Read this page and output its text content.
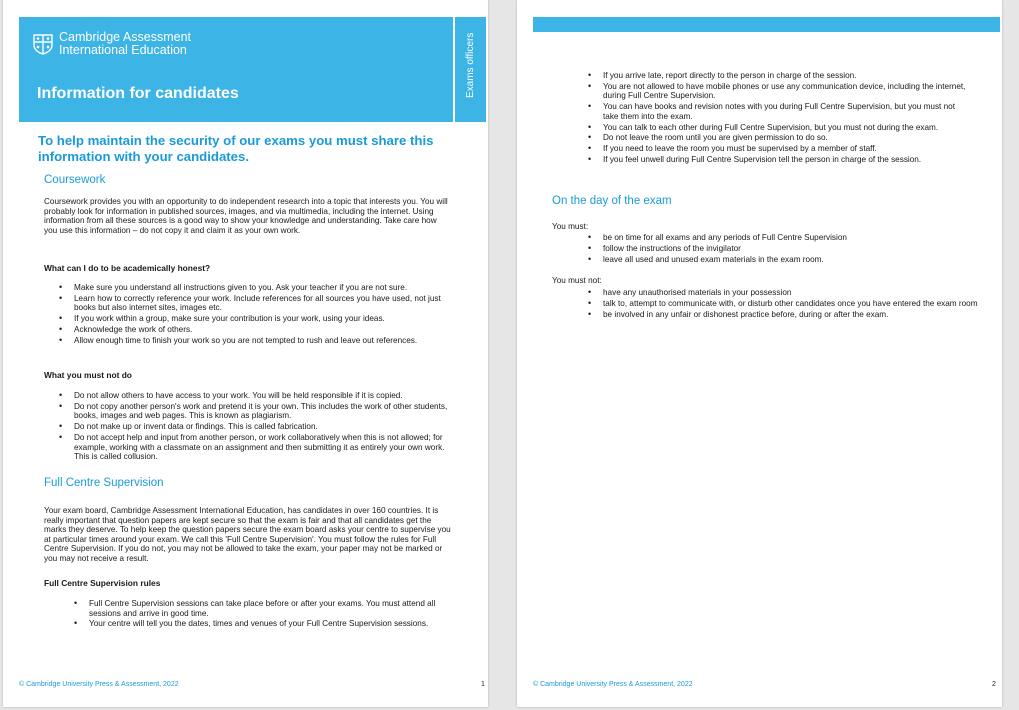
Cambridge Assessment
International Education
Information for candidates	Exams officers
To help maintain the security of our exams you must share this information with your candidates.
Coursework
Coursework provides you with an opportunity to do independent research into a topic that interests you. You will probably look for information in published sources, images, and via multimedia, including the internet. Using information from all these sources is a good way to show your knowledge and understanding. Take care how you use this information – do not copy it and claim it as your own work.
What can I do to be academically honest?
• Make sure you understand all instructions given to you. Ask your teacher if you are not sure.
• Learn how to correctly reference your work. Include references for all sources you have used, not just books but also internet sites, images etc.
• If you work within a group, make sure your contribution is your work, using your ideas.
• Acknowledge the work of others.
• Allow enough time to finish your work so you are not tempted to rush and leave out references.
What you must not do
• Do not allow others to have access to your work. You will be held responsible if it is copied.
• Do not copy another person's work and pretend it is your own. This includes the work of other students, books, images and web pages. This is known as plagiarism.
• Do not make up or invent data or findings. This is called fabrication.
• Do not accept help and input from another person, or work collaboratively when this is not allowed; for example, working with a classmate on an assignment and then submitting it as entirely your own work. This is called collusion.
Full Centre Supervision
Your exam board, Cambridge Assessment International Education, has candidates in over 160 countries. It is really important that question papers are kept secure so that the exam is fair and that all candidates get the marks they deserve. To help keep the question papers secure the exam board asks your centre to supervise you at particular times around your exam. We call this 'Full Centre Supervision'. You must follow the rules for Full Centre Supervision. If you do not, you may not be allowed to take the exam, your paper may not be marked or you may not receive a result.
Full Centre Supervision rules
• Full Centre Supervision sessions can take place before or after your exams. You must attend all sessions and arrive in good time.
• Your centre will tell you the dates, times and venues of your Full Centre Supervision sessions.
© Cambridge University Press & Assessment, 2022	1
• If you arrive late, report directly to the person in charge of the session.
• You are not allowed to have mobile phones or use any communication device, including the internet, during Full Centre Supervision.
• You can have books and revision notes with you during Full Centre Supervision, but you must not take them into the exam.
• You can talk to each other during Full Centre Supervision, but you must not during the exam.
• Do not leave the room until you are given permission to do so.
• If you need to leave the room you must be supervised by a member of staff.
• If you feel unwell during Full Centre Supervision tell the person in charge of the session.
On the day of the exam
You must:
• be on time for all exams and any periods of Full Centre Supervision
• follow the instructions of the invigilator
• leave all used and unused exam materials in the exam room.
You must not:
• have any unauthorised materials in your possession
• talk to, attempt to communicate with, or disturb other candidates once you have entered the exam room
• be involved in any unfair or dishonest practice before, during or after the exam.
© Cambridge University Press & Assessment, 2022	2
